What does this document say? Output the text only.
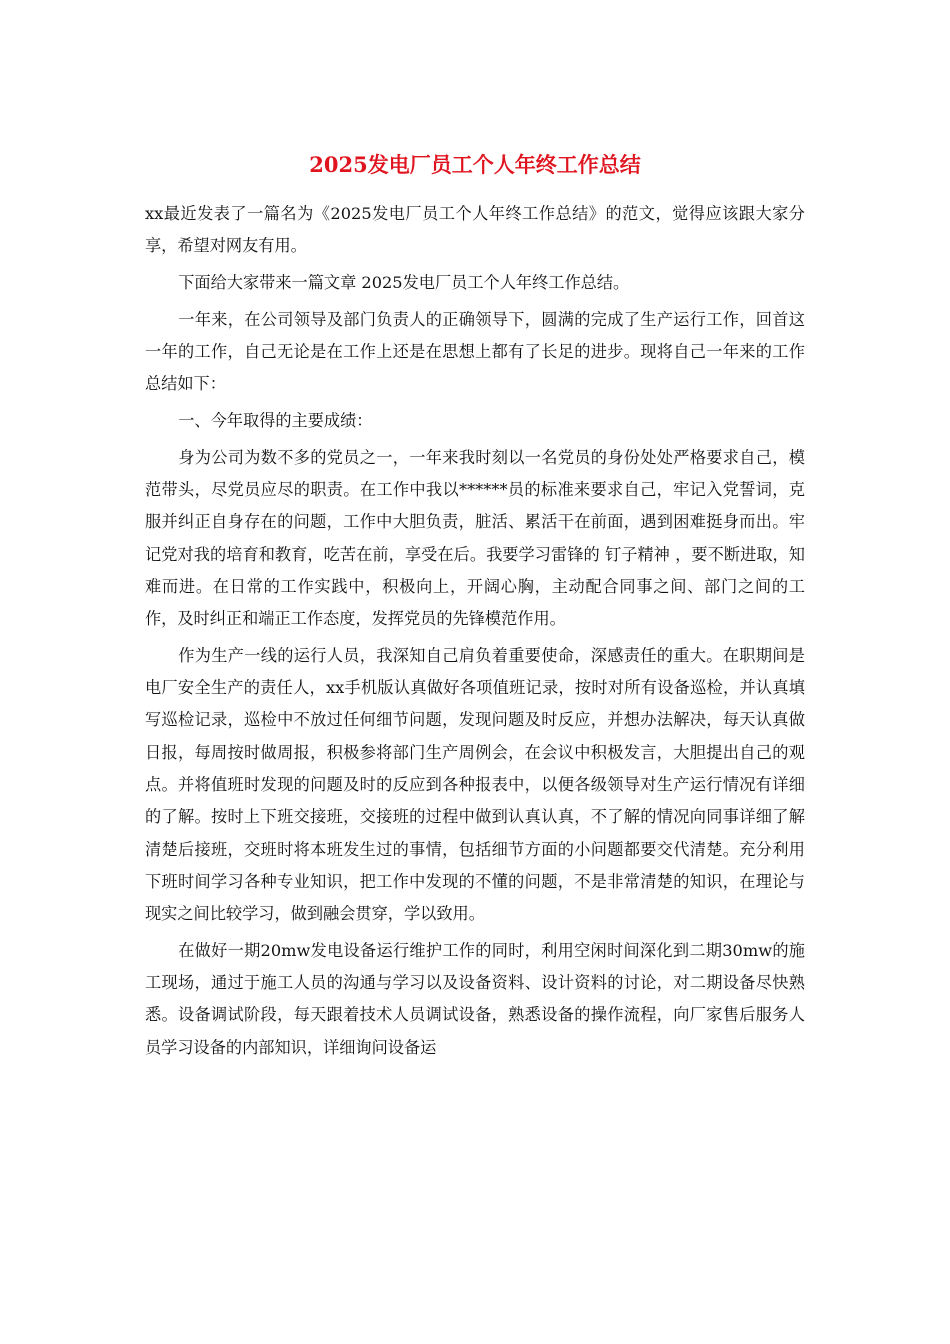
2025发电厂员工个人年终工作总结

xx最近发表了一篇名为《2025发电厂员工个人年终工作总结》的范文，觉得应该跟大家分享，希望对网友有用。

下面给大家带来一篇文章 2025发电厂员工个人年终工作总结。

一年来，在公司领导及部门负责人的正确领导下，圆满的完成了生产运行工作，回首这一年的工作，自己无论是在工作上还是在思想上都有了长足的进步。现将自己一年来的工作总结如下：

一、今年取得的主要成绩：

身为公司为数不多的党员之一，一年来我时刻以一名党员的身份处处严格要求自己，模范带头，尽党员应尽的职责。在工作中我以******员的标准来要求自己，牢记入党誓词，克服并纠正自身存在的问题，工作中大胆负责，脏活、累活干在前面，遇到困难挺身而出。牢记党对我的培育和教育，吃苦在前，享受在后。我要学习雷锋的 钉子精神 ，要不断进取，知难而进。在日常的工作实践中，积极向上，开阔心胸，主动配合同事之间、部门之间的工作，及时纠正和端正工作态度，发挥党员的先锋模范作用。

作为生产一线的运行人员，我深知自己肩负着重要使命，深感责任的重大。在职期间是电厂安全生产的责任人，xx手机版认真做好各项值班记录，按时对所有设备巡检，并认真填写巡检记录，巡检中不放过任何细节问题，发现问题及时反应，并想办法解决，每天认真做日报，每周按时做周报，积极参将部门生产周例会，在会议中积极发言，大胆提出自己的观点。并将值班时发现的问题及时的反应到各种报表中，以便各级领导对生产运行情况有详细的了解。按时上下班交接班，交接班的过程中做到认真认真，不了解的情况向同事详细了解清楚后接班，交班时将本班发生过的事情，包括细节方面的小问题都要交代清楚。充分利用下班时间学习各种专业知识，把工作中发现的不懂的问题，不是非常清楚的知识，在理论与现实之间比较学习，做到融会贯穿，学以致用。

在做好一期20mw发电设备运行维护工作的同时，利用空闲时间深化到二期30mw的施工现场，通过于施工人员的沟通与学习以及设备资料、设计资料的讨论，对二期设备尽快熟悉。设备调试阶段，每天跟着技术人员调试设备，熟悉设备的操作流程，向厂家售后服务人员学习设备的内部知识，详细询问设备运
